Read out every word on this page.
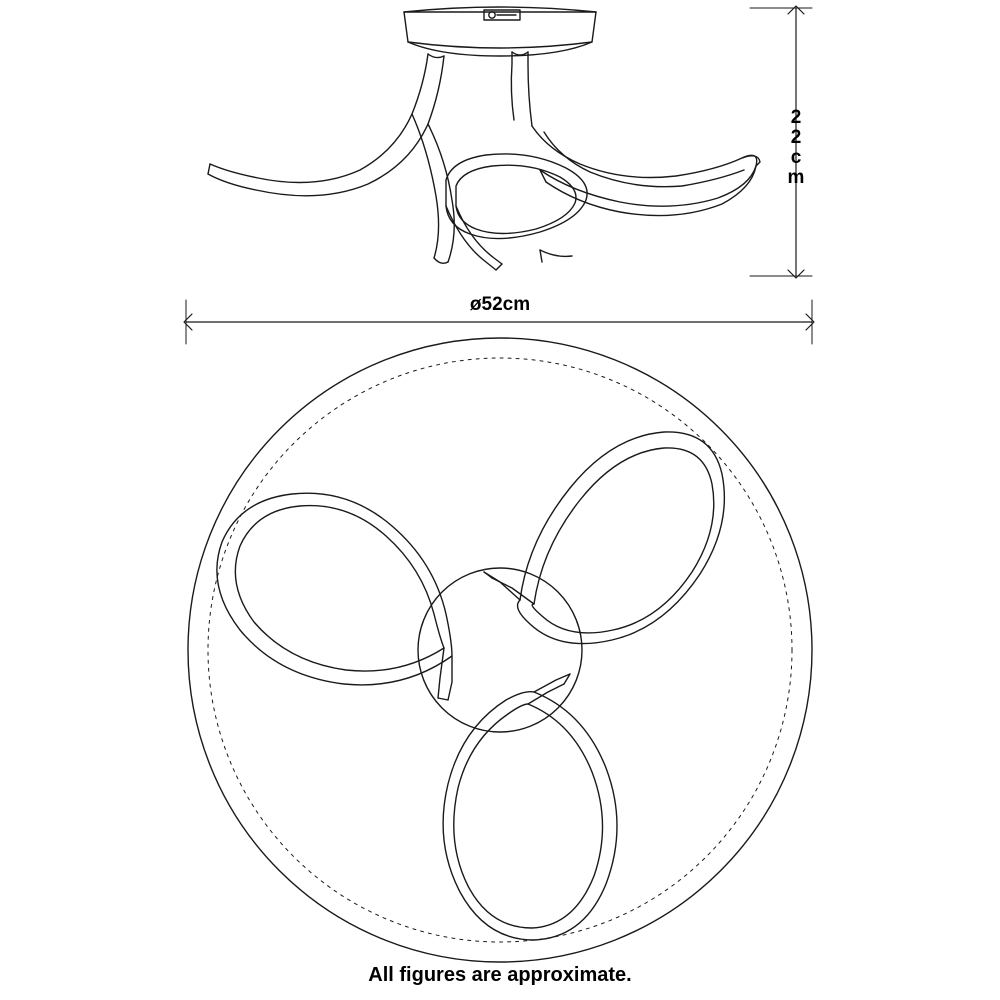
2
2
c
m
ø52cm
All figures are approximate.
